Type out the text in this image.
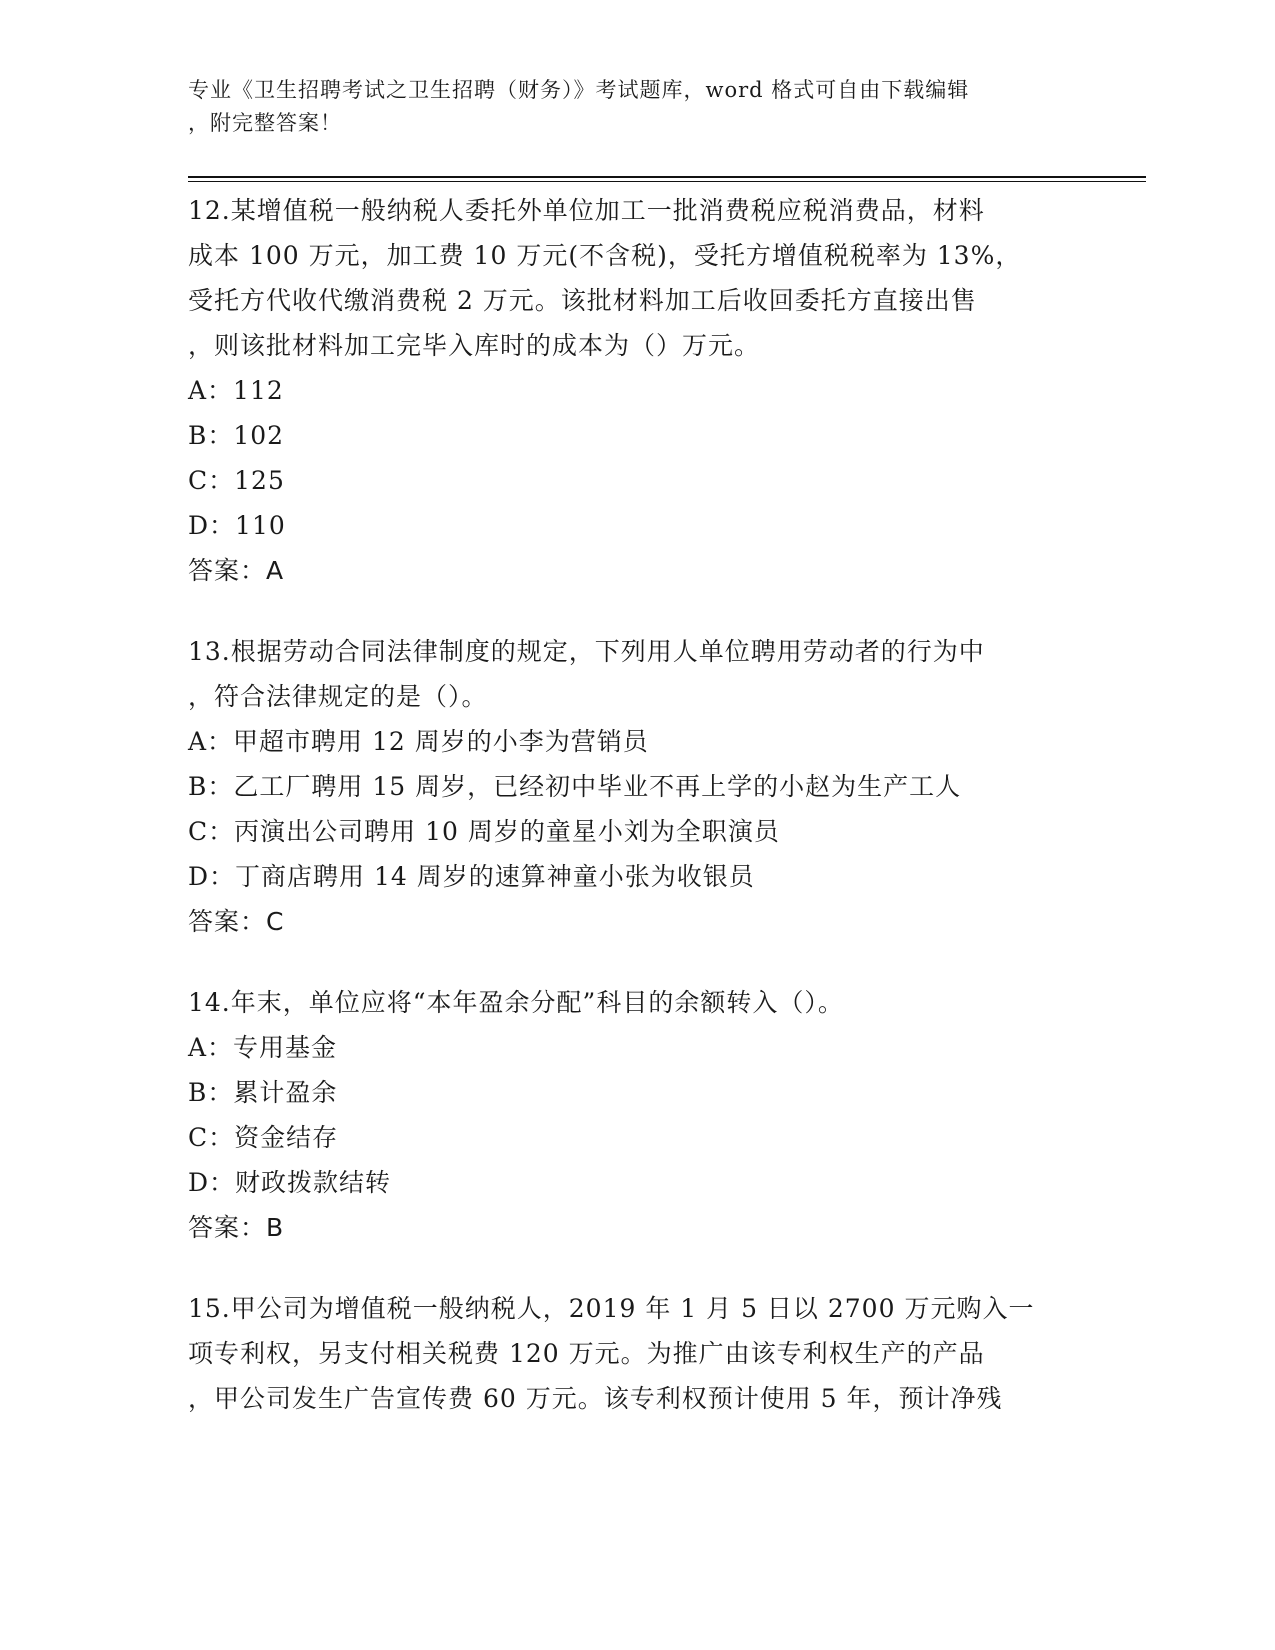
专业《卫生招聘考试之卫生招聘（财务）》考试题库，word 格式可自由下载编辑
，附完整答案！
12.某增值税一般纳税人委托外单位加工一批消费税应税消费品，材料
成本 100 万元，加工费 10 万元(不含税)，受托方增值税税率为 13%，
受托方代收代缴消费税 2 万元。该批材料加工后收回委托方直接出售
，则该批材料加工完毕入库时的成本为（）万元。
A：112
B：102
C：125
D：110
答案：A
13.根据劳动合同法律制度的规定，下列用人单位聘用劳动者的行为中
，符合法律规定的是（）。
A：甲超市聘用 12 周岁的小李为营销员
B：乙工厂聘用 15 周岁，已经初中毕业不再上学的小赵为生产工人
C：丙演出公司聘用 10 周岁的童星小刘为全职演员
D：丁商店聘用 14 周岁的速算神童小张为收银员
答案：C
14.年末，单位应将“本年盈余分配”科目的余额转入（）。
A：专用基金
B：累计盈余
C：资金结存
D：财政拨款结转
答案：B
15.甲公司为增值税一般纳税人，2019 年 1 月 5 日以 2700 万元购入一
项专利权，另支付相关税费 120 万元。为推广由该专利权生产的产品
，甲公司发生广告宣传费 60 万元。该专利权预计使用 5 年，预计净残
